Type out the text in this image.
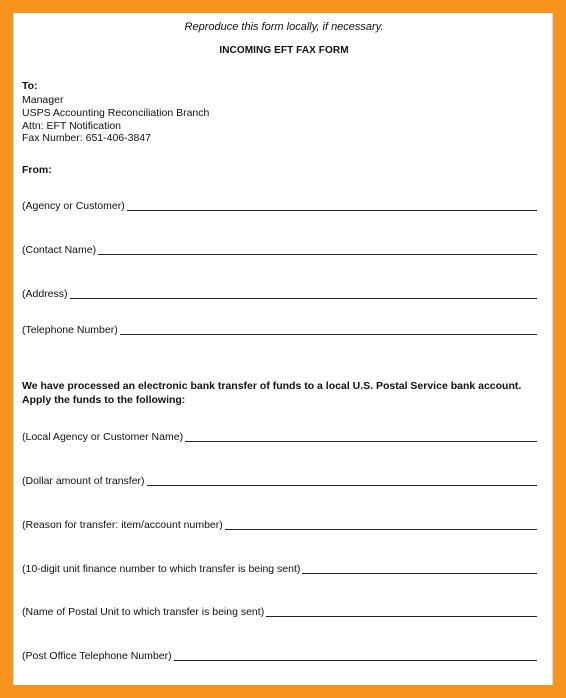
Reproduce this form locally, if necessary.
INCOMING EFT FAX FORM
To:
Manager
USPS Accounting Reconciliation Branch
Attn: EFT Notification
Fax Number: 651-406-3847
From:
(Agency or Customer)
(Contact Name)
(Address)
(Telephone Number)
We have processed an electronic bank transfer of funds to a local U.S. Postal Service bank account. Apply the funds to the following:
(Local Agency or Customer Name)
(Dollar amount of transfer)
(Reason for transfer: item/account number)
(10-digit unit finance number to which transfer is being sent)
(Name of Postal Unit to which transfer is being sent)
(Post Office Telephone Number)
